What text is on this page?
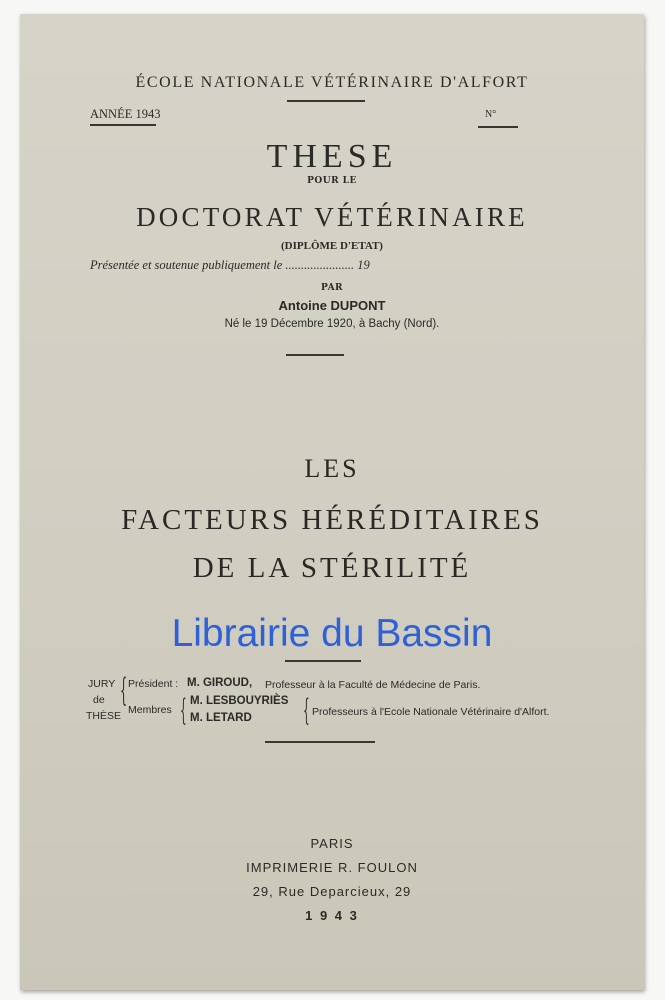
ÉCOLE NATIONALE VÉTÉRINAIRE D'ALFORT
ANNÉE 1943	N°
THESE
POUR LE
DOCTORAT VÉTÉRINAIRE
(DIPLÔME D'ETAT)
Présentée et soutenue publiquement le ...................... 19
PAR
Antoine DUPONT
Né le 19 Décembre 1920, à Bachy (Nord).
LES
FACTEURS HÉRÉDITAIRES
DE LA STÉRILITÉ
Librairie du Bassin
JURY
de
THÈSE
{ Président : M. GIROUD, Professeur à la Faculté de Médecine de Paris.
Membres { M. LESBOUYRIÈS
M. LETARD { Professeurs à l'Ecole Nationale Vétérinaire d'Alfort.
PARIS
IMPRIMERIE R. FOULON
29, Rue Deparcieux, 29
1 9 4 3
